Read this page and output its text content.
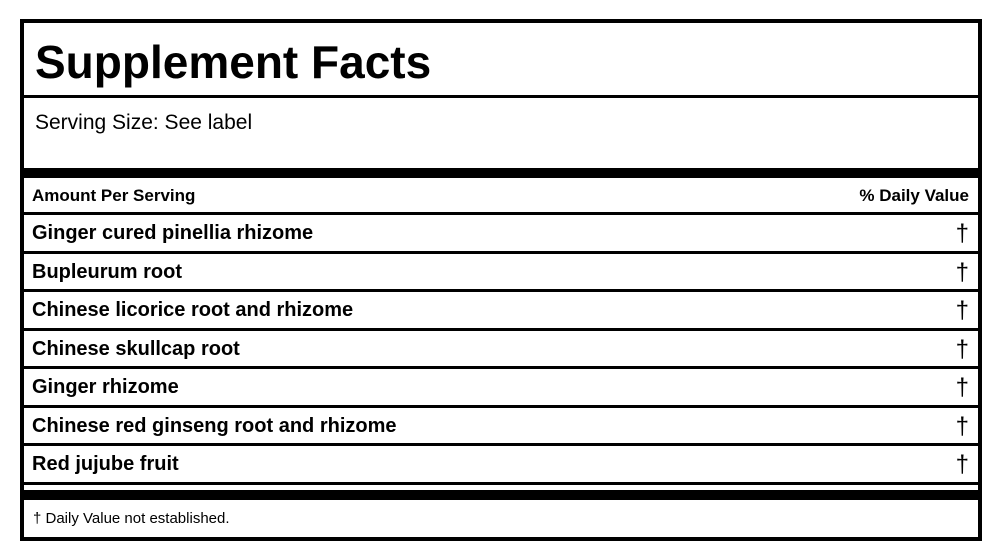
Supplement Facts
Serving Size: See label
Amount Per Serving	% Daily Value
Ginger cured pinellia rhizome	†
Bupleurum root	†
Chinese licorice root and rhizome	†
Chinese skullcap root	†
Ginger rhizome	†
Chinese red ginseng root and rhizome	†
Red jujube fruit	†
† Daily Value not established.
